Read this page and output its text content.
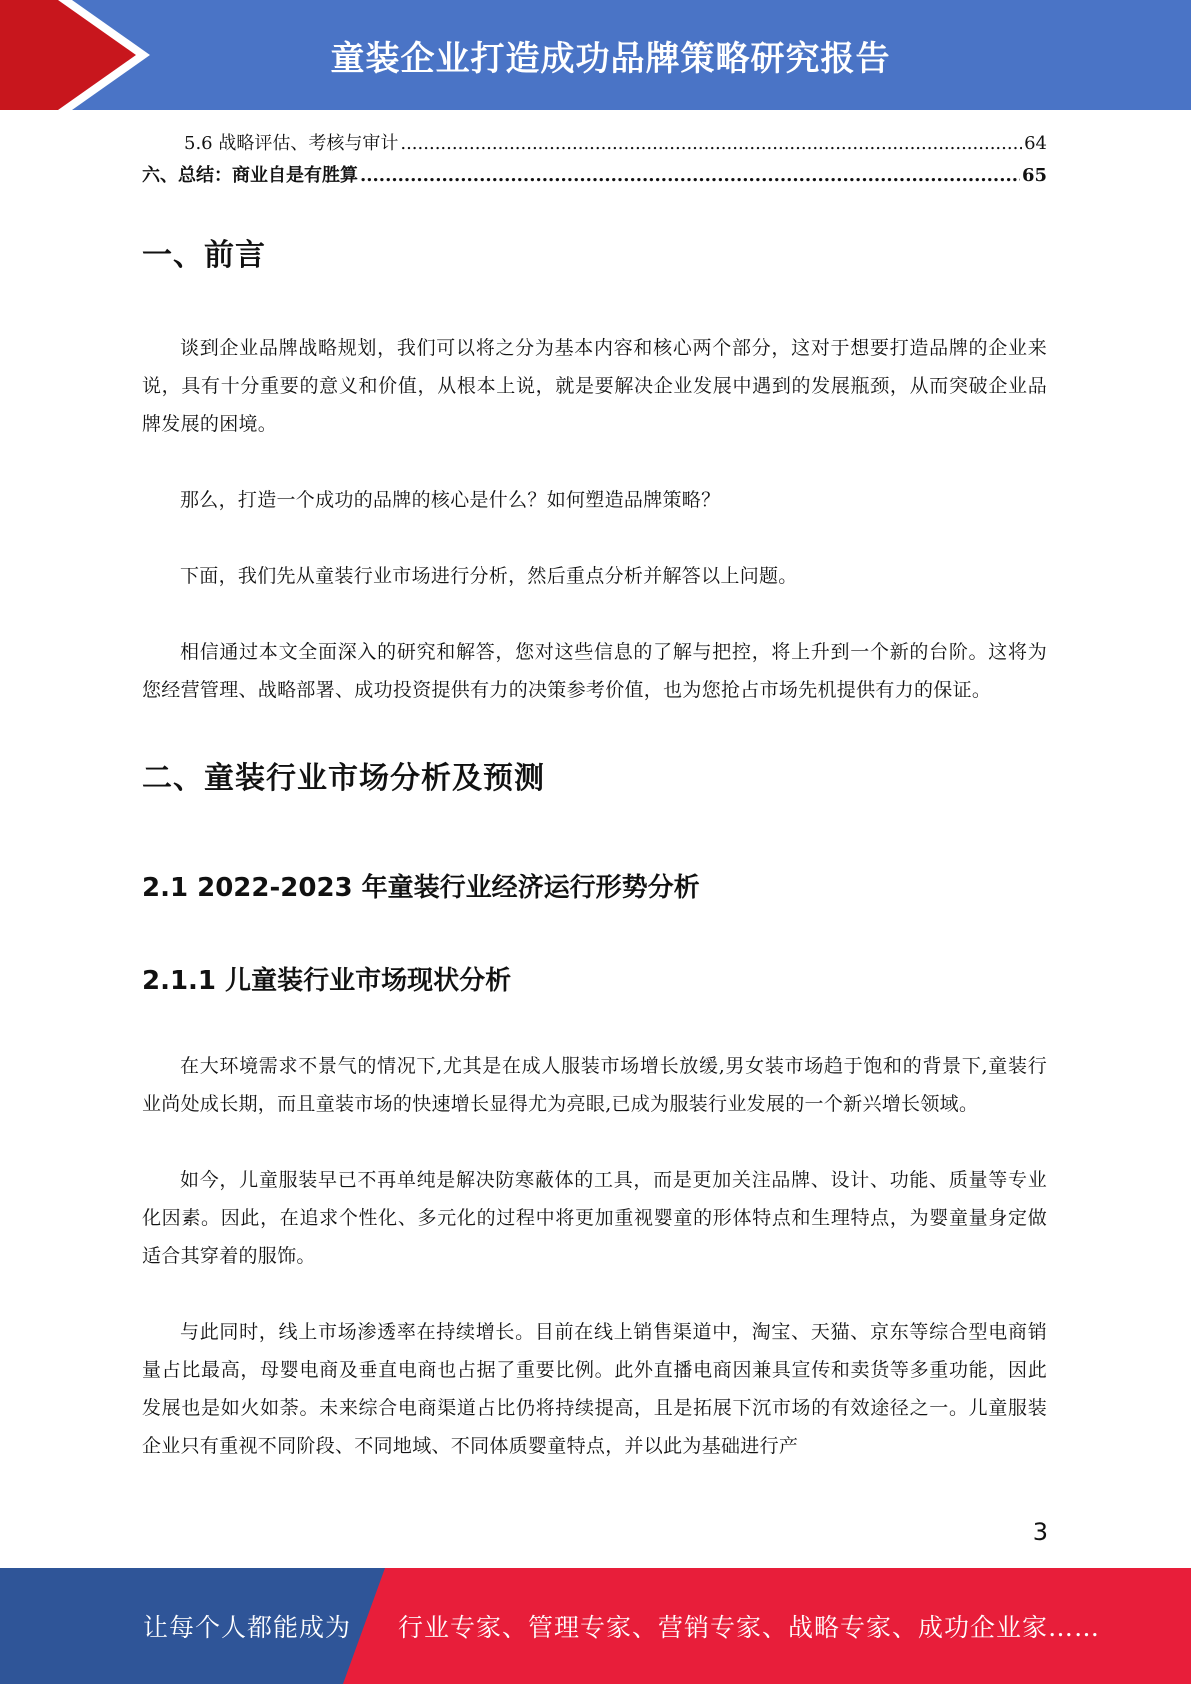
童装企业打造成功品牌策略研究报告
5.6 战略评估、考核与审计 .....	64
六、总结：商业自是有胜算 .....	65
一、前言

谈到企业品牌战略规划，我们可以将之分为基本内容和核心两个部分，这对于想要打造品牌的企业来说，具有十分重要的意义和价值，从根本上说，就是要解决企业发展中遇到的发展瓶颈，从而突破企业品牌发展的困境。

那么，打造一个成功的品牌的核心是什么？如何塑造品牌策略？

下面，我们先从童装行业市场进行分析，然后重点分析并解答以上问题。

相信通过本文全面深入的研究和解答，您对这些信息的了解与把控，将上升到一个新的台阶。这将为您经营管理、战略部署、成功投资提供有力的决策参考价值，也为您抢占市场先机提供有力的保证。

二、童装行业市场分析及预测
2.1 2022-2023 年童装行业经济运行形势分析
2.1.1 儿童装行业市场现状分析

在大环境需求不景气的情况下,尤其是在成人服装市场增长放缓,男女装市场趋于饱和的背景下,童装行业尚处成长期，而且童装市场的快速增长显得尤为亮眼,已成为服装行业发展的一个新兴增长领域。

如今，儿童服装早已不再单纯是解决防寒蔽体的工具，而是更加关注品牌、设计、功能、质量等专业化因素。因此，在追求个性化、多元化的过程中将更加重视婴童的形体特点和生理特点，为婴童量身定做适合其穿着的服饰。

与此同时，线上市场渗透率在持续增长。目前在线上销售渠道中，淘宝、天猫、京东等综合型电商销量占比最高，母婴电商及垂直电商也占据了重要比例。此外直播电商因兼具宣传和卖货等多重功能，因此发展也是如火如荼。未来综合电商渠道占比仍将持续提高，且是拓展下沉市场的有效途径之一。儿童服装企业只有重视不同阶段、不同地域、不同体质婴童特点，并以此为基础进行产

3
让每个人都能成为 行业专家、管理专家、营销专家、战略专家、成功企业家……
